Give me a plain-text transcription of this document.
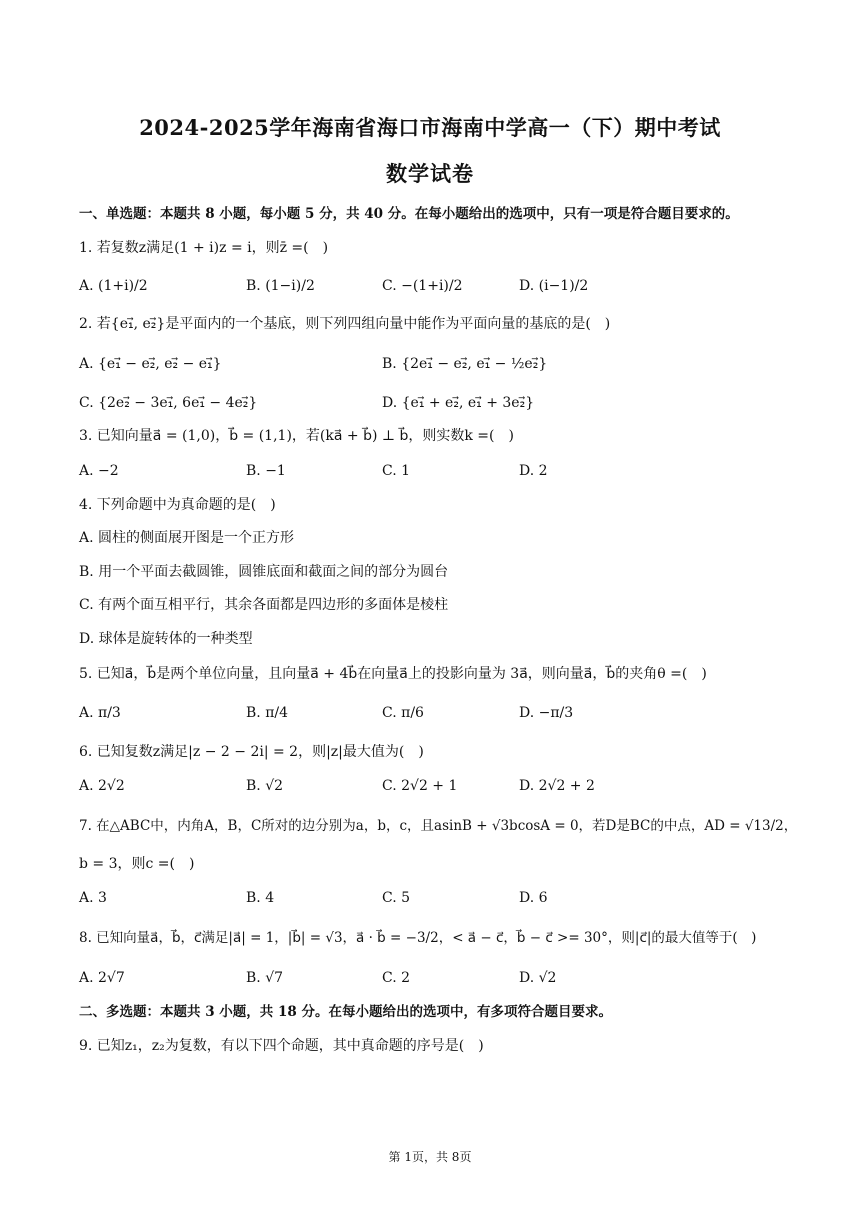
2024-2025学年海南省海口市海南中学高一（下）期中考试
数学试卷
一、单选题：本题共 8 小题，每小题 5 分，共 40 分。在每小题给出的选项中，只有一项是符合题目要求的。
1. 若复数z满足(1 + i)z = i，则z̄ =(　)
A. (1+i)/2	B. (1−i)/2	C. −(1+i)/2	D. (i−1)/2
2. 若{e₁⃗, e₂⃗}是平面内的一个基底，则下列四组向量中能作为平面向量的基底的是(　)
A. {e₁⃗ − e₂⃗, e₂⃗ − e₁⃗}	B. {2e₁⃗ − e₂⃗, e₁⃗ − ½e₂⃗}
C. {2e₂⃗ − 3e₁⃗, 6e₁⃗ − 4e₂⃗}	D. {e₁⃗ + e₂⃗, e₁⃗ + 3e₂⃗}
3. 已知向量a⃗ = (1,0)，b⃗ = (1,1)，若(ka⃗ + b⃗) ⊥ b⃗，则实数k =(　)
A. −2	B. −1	C. 1	D. 2
4. 下列命题中为真命题的是(　)
A. 圆柱的侧面展开图是一个正方形
B. 用一个平面去截圆锥，圆锥底面和截面之间的部分为圆台
C. 有两个面互相平行，其余各面都是四边形的多面体是棱柱
D. 球体是旋转体的一种类型
5. 已知a⃗，b⃗是两个单位向量，且向量a⃗ + 4b⃗在向量a⃗上的投影向量为 3a⃗，则向量a⃗，b⃗的夹角θ =(　)
A. π/3	B. π/4	C. π/6	D. −π/3
6. 已知复数z满足|z − 2 − 2i| = 2，则|z|最大值为(　)
A. 2√2	B. √2	C. 2√2 + 1	D. 2√2 + 2
7. 在△ABC中，内角A，B，C所对的边分别为a，b，c，且asinB + √3bcosA = 0，若D是BC的中点，AD = √13/2，
b = 3，则c =(　)
A. 3	B. 4	C. 5	D. 6
8. 已知向量a⃗，b⃗，c⃗满足|a⃗| = 1，|b⃗| = √3，a⃗ · b⃗ = −3/2，< a⃗ − c⃗，b⃗ − c⃗ >= 30°，则|c⃗|的最大值等于(　)
A. 2√7	B. √7	C. 2	D. √2
二、多选题：本题共 3 小题，共 18 分。在每小题给出的选项中，有多项符合题目要求。
9. 已知z₁，z₂为复数，有以下四个命题，其中真命题的序号是(　)
第 1页，共 8页
